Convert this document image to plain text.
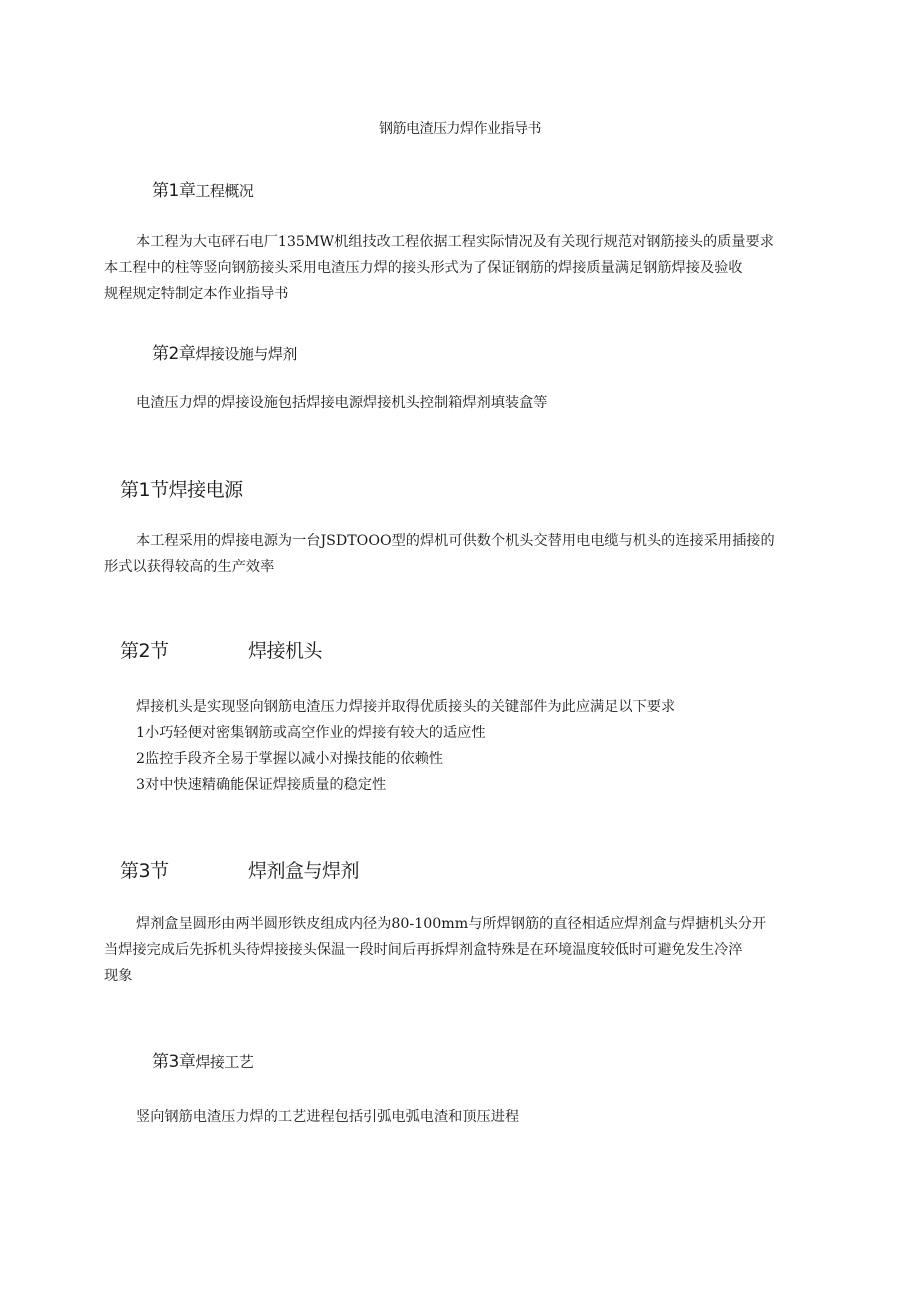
钢筋电渣压力焊作业指导书
第1章工程概况
本工程为大屯砰石电厂135MW机组技改工程依据工程实际情况及有关现行规范对钢筋接头的质量要求
本工程中的柱等竖向钢筋接头采用电渣压力焊的接头形式为了保证钢筋的焊接质量满足钢筋焊接及验收
规程规定特制定本作业指导书
第2章焊接设施与焊剂
电渣压力焊的焊接设施包括焊接电源焊接机头控制箱焊剂填装盒等
第1节焊接电源
本工程采用的焊接电源为一台JSDTOOO型的焊机可供数个机头交替用电电缆与机头的连接采用插接的
形式以获得较高的生产效率
第2节	焊接机头
焊接机头是实现竖向钢筋电渣压力焊接并取得优质接头的关键部件为此应满足以下要求
1小巧轻便对密集钢筋或高空作业的焊接有较大的适应性
2监控手段齐全易于掌握以减小对操技能的依赖性
3对中快速精确能保证焊接质量的稳定性
第3节	焊剂盒与焊剂
焊剂盒呈圆形由两半圆形铁皮组成内径为80-100mm与所焊钢筋的直径相适应焊剂盒与焊搪机头分开
当焊接完成后先拆机头待焊接接头保温一段时间后再拆焊剂盒特殊是在环境温度较低时可避免发生冷淬
现象
第3章焊接工艺
竖向钢筋电渣压力焊的工艺进程包括引弧电弧电渣和顶压进程
